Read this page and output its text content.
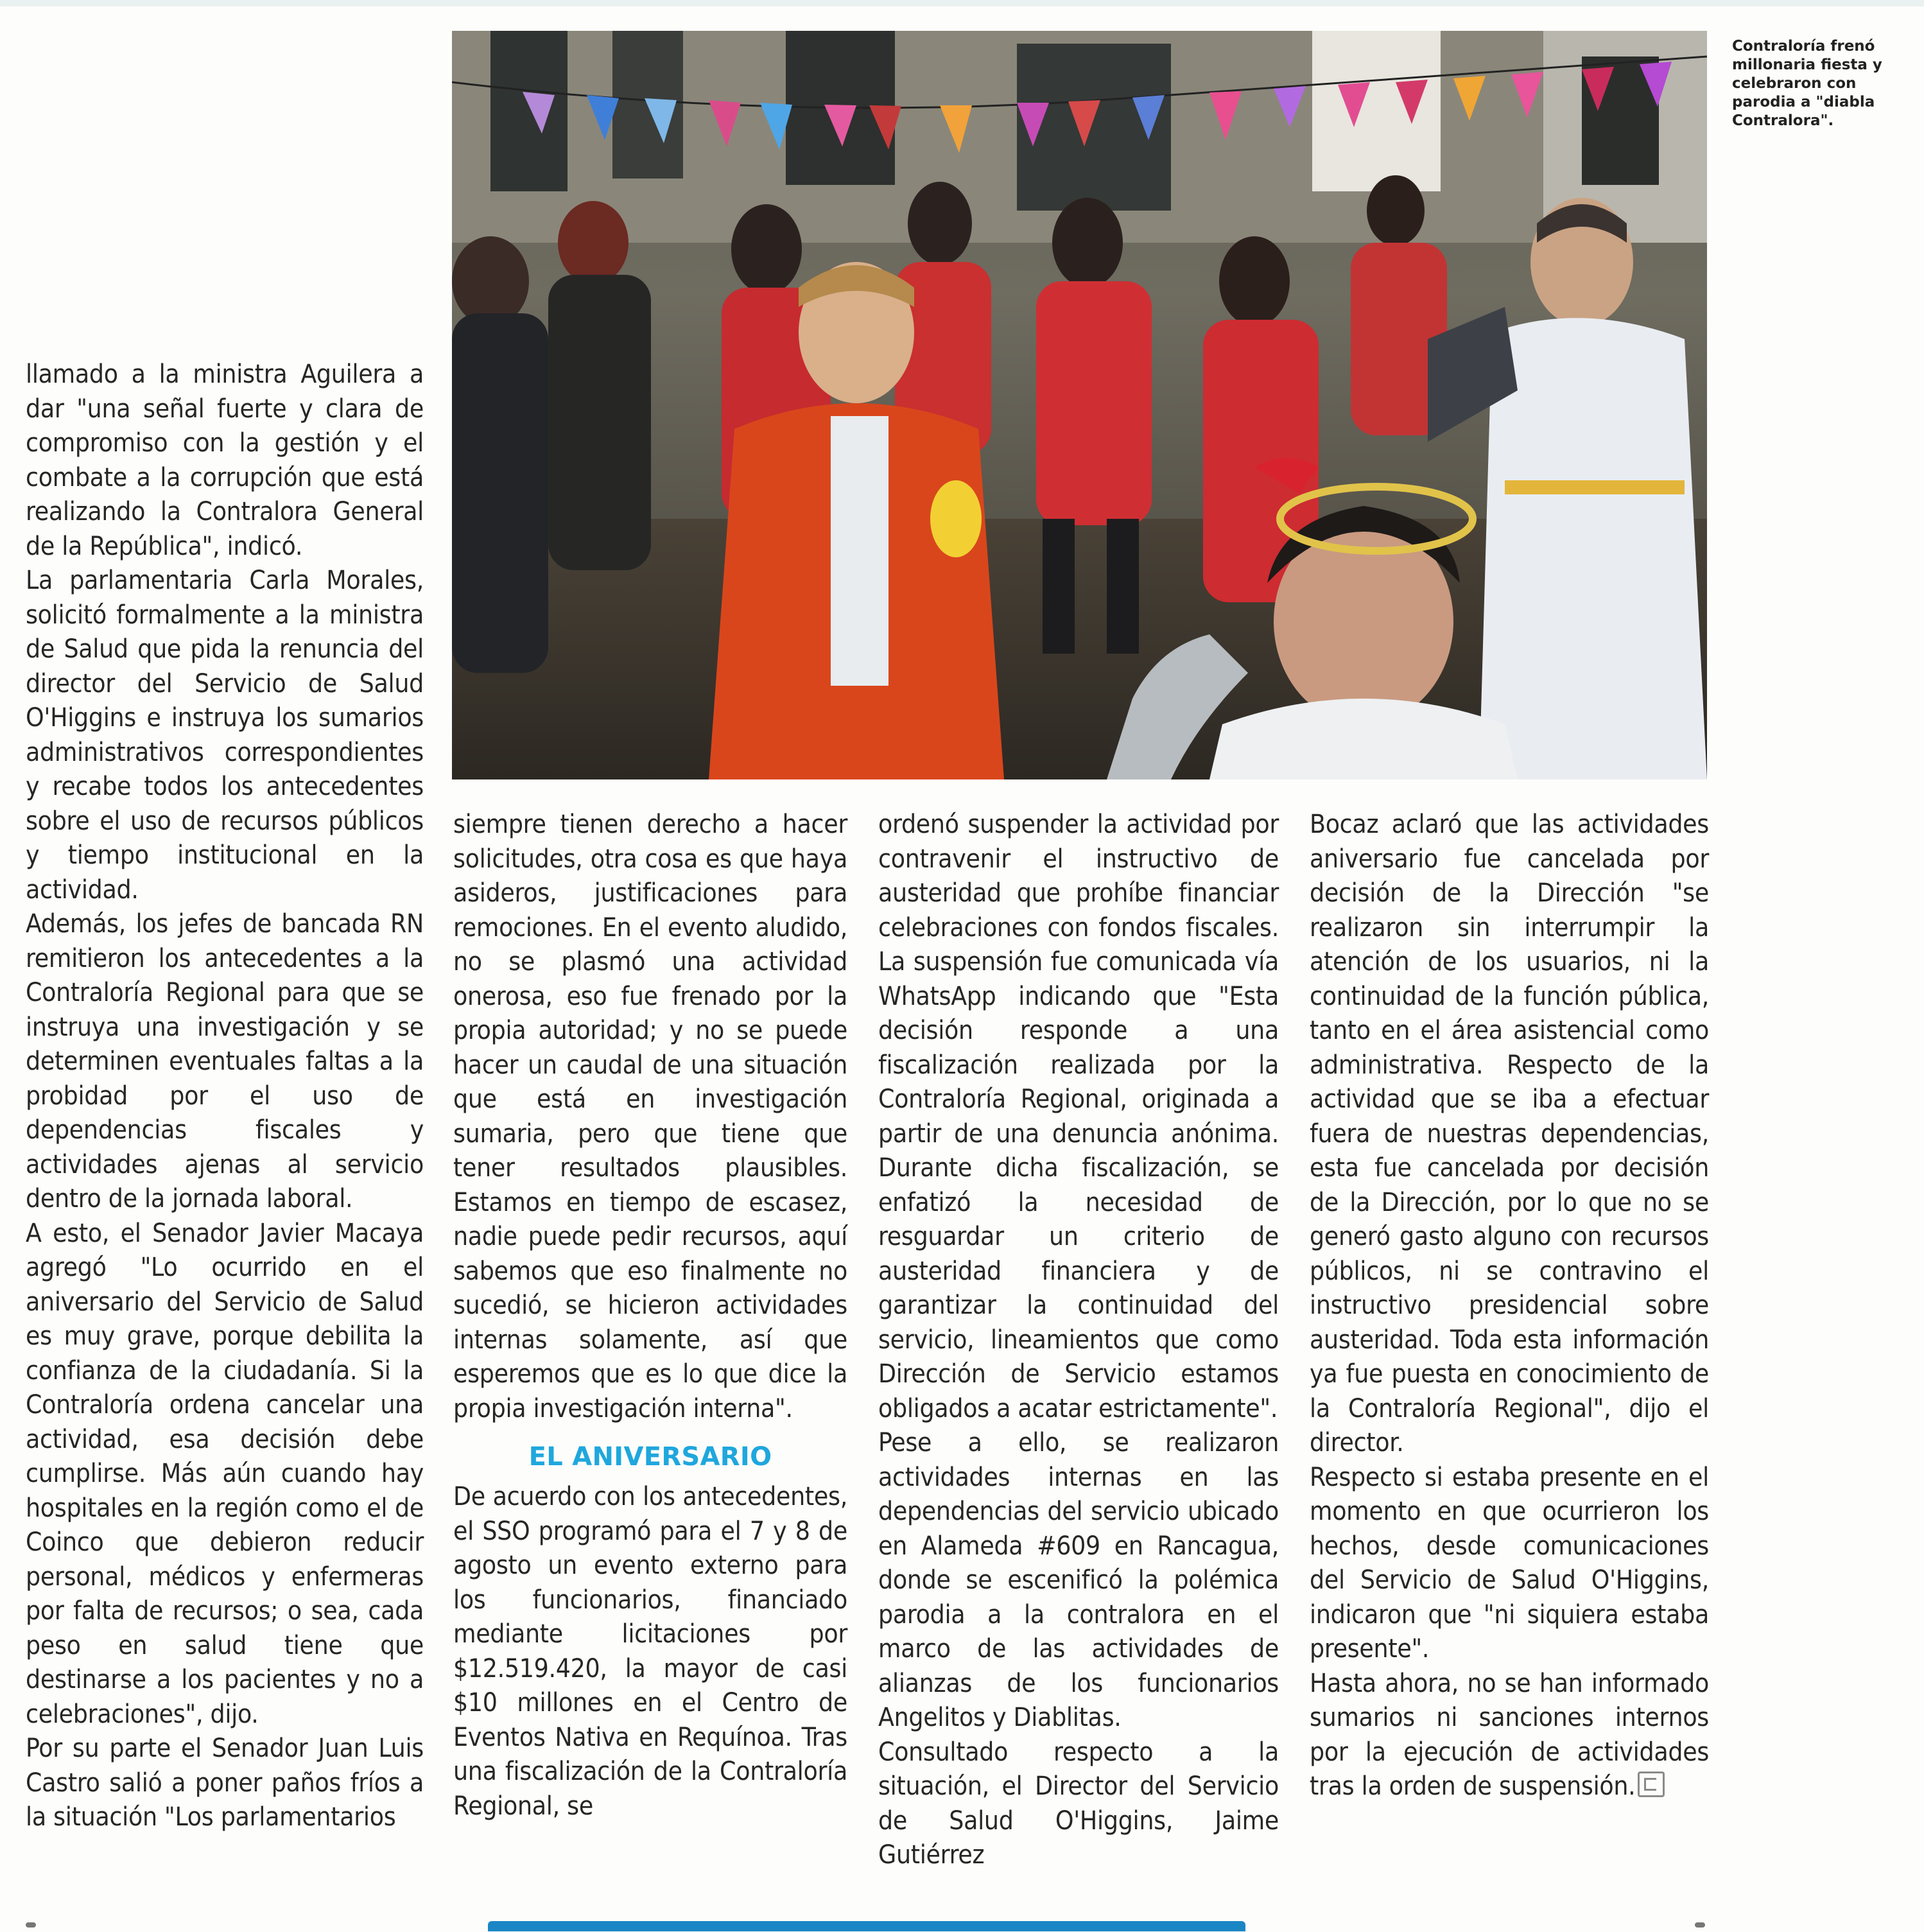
Contraloría frenó millonaria fiesta y celebraron con parodia a "diabla Contralora".

llamado a la ministra Aguilera a dar "una señal fuerte y clara de compromiso con la gestión y el combate a la corrupción que está realizando la Contralora General de la República", indicó.

La parlamentaria Carla Morales, solicitó formalmente a la ministra de Salud que pida la renuncia del director del Servicio de Salud O'Higgins e instruya los sumarios administrativos correspondientes y recabe todos los antecedentes sobre el uso de recursos públicos y tiempo institucional en la actividad.

Además, los jefes de bancada RN remitieron los antecedentes a la Contraloría Regional para que se instruya una investigación y se determinen eventuales faltas a la probidad por el uso de dependencias fiscales y actividades ajenas al servicio dentro de la jornada laboral.

A esto, el Senador Javier Macaya agregó "Lo ocurrido en el aniversario del Servicio de Salud es muy grave, porque debilita la confianza de la ciudadanía. Si la Contraloría ordena cancelar una actividad, esa decisión debe cumplirse. Más aún cuando hay hospitales en la región como el de Coinco que debieron reducir personal, médicos y enfermeras por falta de recursos; o sea, cada peso en salud tiene que destinarse a los pacientes y no a celebraciones", dijo.

Por su parte el Senador Juan Luis Castro salió a poner paños fríos a la situación "Los parlamentarios

siempre tienen derecho a hacer solicitudes, otra cosa es que haya asideros, justificaciones para remociones. En el evento aludido, no se plasmó una actividad onerosa, eso fue frenado por la propia autoridad; y no se puede hacer un caudal de una situación que está en investigación sumaria, pero que tiene que tener resultados plausibles. Estamos en tiempo de escasez, nadie puede pedir recursos, aquí sabemos que eso finalmente no sucedió, se hicieron actividades internas solamente, así que esperemos que es lo que dice la propia investigación interna".

EL ANIVERSARIO

De acuerdo con los antecedentes, el SSO programó para el 7 y 8 de agosto un evento externo para los funcionarios, financiado mediante licitaciones por $12.519.420, la mayor de casi $10 millones en el Centro de Eventos Nativa en Requínoa. Tras una fiscalización de la Contraloría Regional, se

ordenó suspender la actividad por contravenir el instructivo de austeridad que prohíbe financiar celebraciones con fondos fiscales. La suspensión fue comunicada vía WhatsApp indicando que "Esta decisión responde a una fiscalización realizada por la Contraloría Regional, originada a partir de una denuncia anónima. Durante dicha fiscalización, se enfatizó la necesidad de resguardar un criterio de austeridad financiera y de garantizar la continuidad del servicio, lineamientos que como Dirección de Servicio estamos obligados a acatar estrictamente".

Pese a ello, se realizaron actividades internas en las dependencias del servicio ubicado en Alameda #609 en Rancagua, donde se escenificó la polémica parodia a la contralora en el marco de las actividades de alianzas de los funcionarios Angelitos y Diablitas.

Consultado respecto a la situación, el Director del Servicio de Salud O'Higgins, Jaime Gutiérrez

Bocaz aclaró que las actividades aniversario fue cancelada por decisión de la Dirección "se realizaron sin interrumpir la atención de los usuarios, ni la continuidad de la función pública, tanto en el área asistencial como administrativa. Respecto de la actividad que se iba a efectuar fuera de nuestras dependencias, esta fue cancelada por decisión de la Dirección, por lo que no se generó gasto alguno con recursos públicos, ni se contravino el instructivo presidencial sobre austeridad. Toda esta información ya fue puesta en conocimiento de la Contraloría Regional", dijo el director.

Respecto si estaba presente en el momento en que ocurrieron los hechos, desde comunicaciones del Servicio de Salud O'Higgins, indicaron que "ni siquiera estaba presente".

Hasta ahora, no se han informado sumarios ni sanciones internos por la ejecución de actividades tras la orden de suspensión.
